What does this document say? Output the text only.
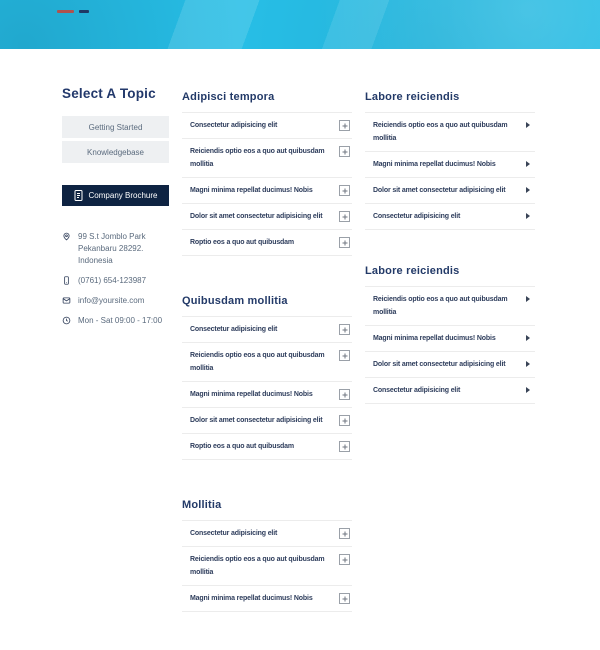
Select A Topic
Getting Started
Knowledgebase
Company Brochure
99 S.t Jomblo Park Pekanbaru 28292. Indonesia
(0761) 654-123987
info@yoursite.com
Mon - Sat 09:00 - 17:00
Adipisci tempora
Consectetur adipisicing elit
Reiciendis optio eos a quo aut quibusdam mollitia
Magni minima repellat ducimus! Nobis
Dolor sit amet consectetur adipisicing elit
Roptio eos a quo aut quibusdam
Quibusdam mollitia
Consectetur adipisicing elit
Reiciendis optio eos a quo aut quibusdam mollitia
Magni minima repellat ducimus! Nobis
Dolor sit amet consectetur adipisicing elit
Roptio eos a quo aut quibusdam
Mollitia
Consectetur adipisicing elit
Reiciendis optio eos a quo aut quibusdam mollitia
Magni minima repellat ducimus! Nobis
Labore reiciendis
Reiciendis optio eos a quo aut quibusdam mollitia
Magni minima repellat ducimus! Nobis
Dolor sit amet consectetur adipisicing elit
Consectetur adipisicing elit
Labore reiciendis
Reiciendis optio eos a quo aut quibusdam mollitia
Magni minima repellat ducimus! Nobis
Dolor sit amet consectetur adipisicing elit
Consectetur adipisicing elit
